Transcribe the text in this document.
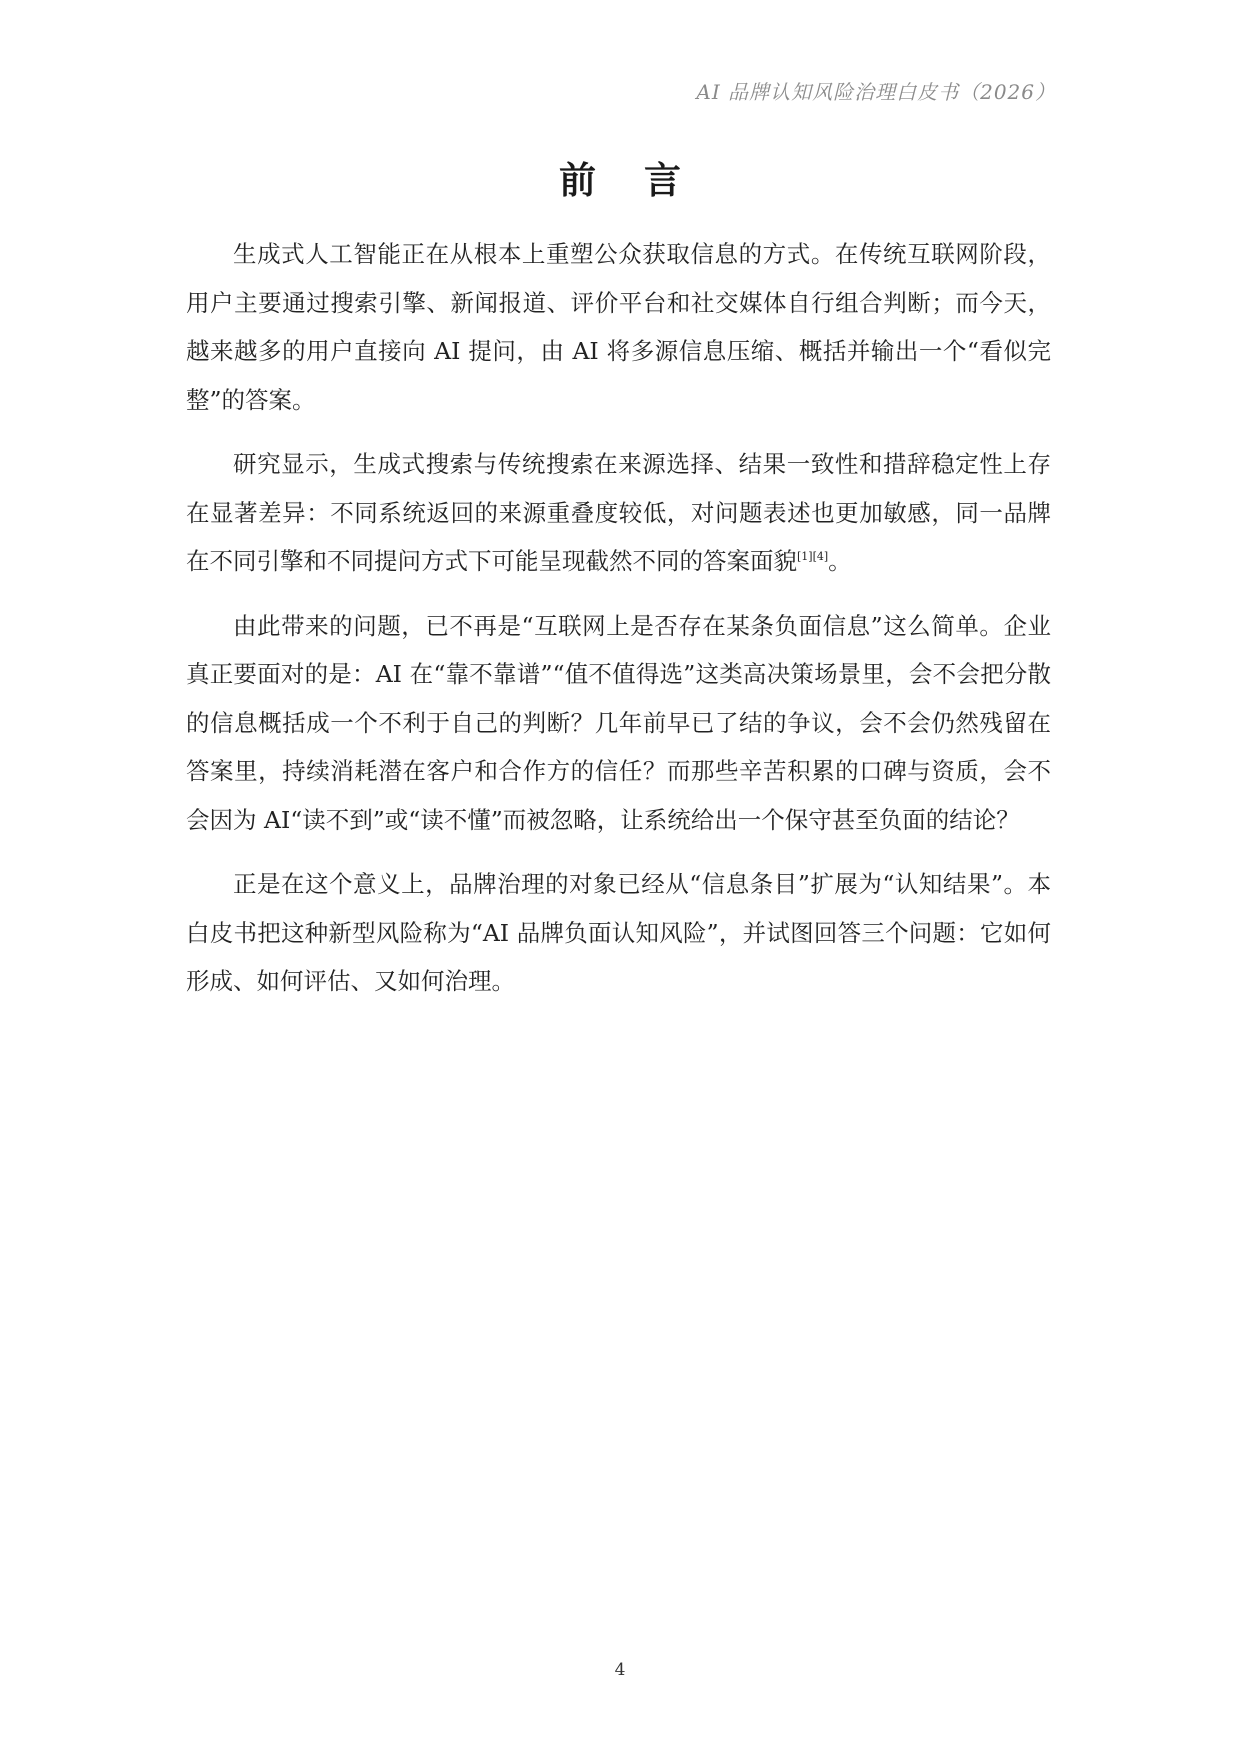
AI 品牌认知风险治理白皮书（2026）
前言

生成式人工智能正在从根本上重塑公众获取信息的方式。在传统互联网阶段，用户主要通过搜索引擎、新闻报道、评价平台和社交媒体自行组合判断；而今天，越来越多的用户直接向 AI 提问，由 AI 将多源信息压缩、概括并输出一个“看似完整”的答案。

研究显示，生成式搜索与传统搜索在来源选择、结果一致性和措辞稳定性上存在显著差异：不同系统返回的来源重叠度较低，对问题表述也更加敏感，同一品牌在不同引擎和不同提问方式下可能呈现截然不同的答案面貌[1][4]。

由此带来的问题，已不再是“互联网上是否存在某条负面信息”这么简单。企业真正要面对的是：AI 在“靠不靠谱”“值不值得选”这类高决策场景里，会不会把分散的信息概括成一个不利于自己的判断？几年前早已了结的争议，会不会仍然残留在答案里，持续消耗潜在客户和合作方的信任？而那些辛苦积累的口碑与资质，会不会因为 AI“读不到”或“读不懂”而被忽略，让系统给出一个保守甚至负面的结论？

正是在这个意义上，品牌治理的对象已经从“信息条目”扩展为“认知结果”。本白皮书把这种新型风险称为“AI 品牌负面认知风险”，并试图回答三个问题：它如何形成、如何评估、又如何治理。

4
